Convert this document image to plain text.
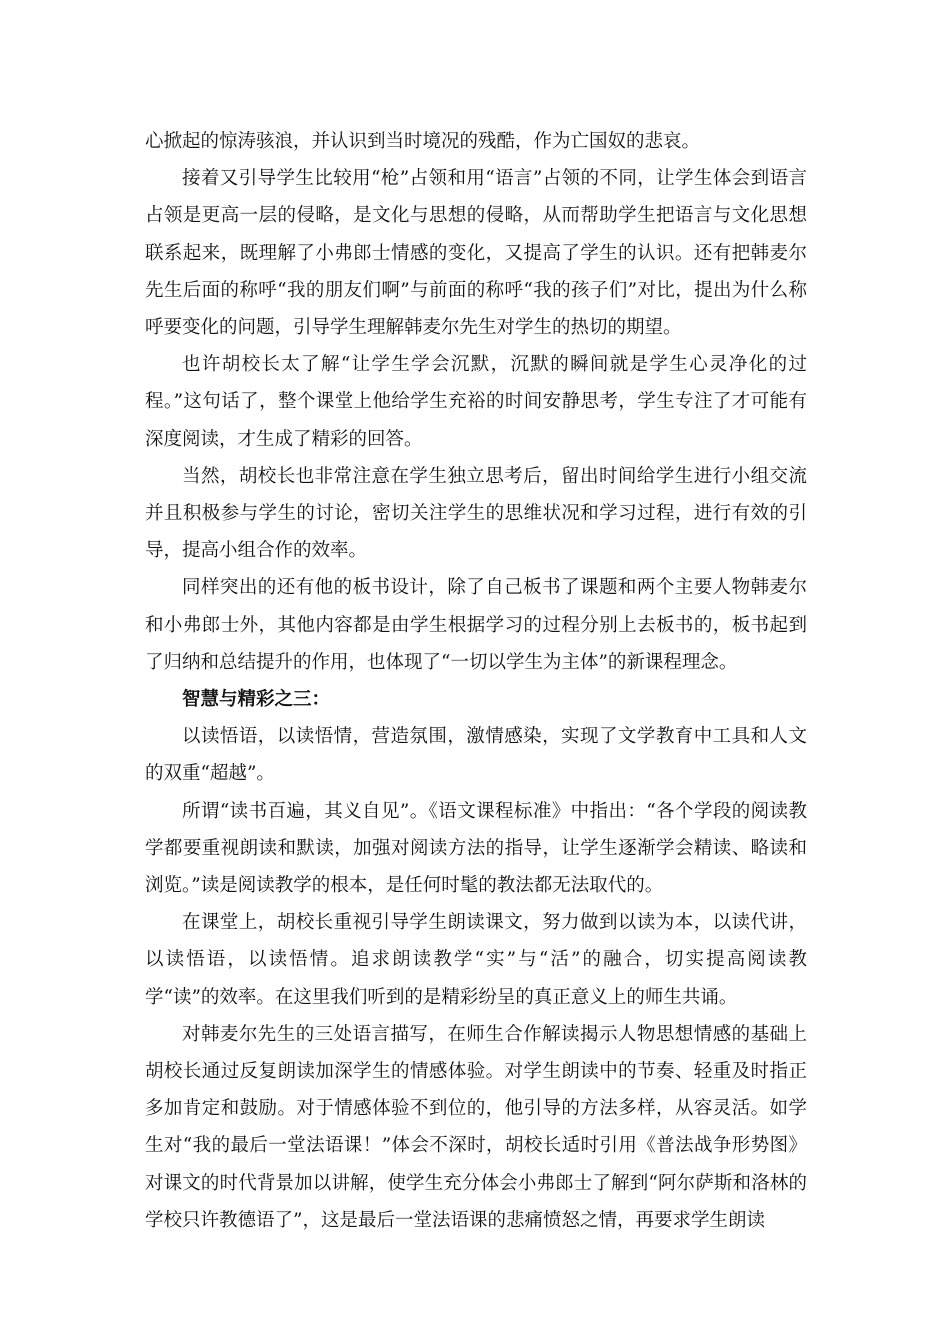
心掀起的惊涛骇浪，并认识到当时境况的残酷，作为亡国奴的悲哀。

接着又引导学生比较用“枪”占领和用“语言”占领的不同，让学生体会到语言占领是更高一层的侵略，是文化与思想的侵略，从而帮助学生把语言与文化思想联系起来，既理解了小弗郎士情感的变化，又提高了学生的认识。还有把韩麦尔先生后面的称呼“我的朋友们啊”与前面的称呼“我的孩子们”对比，提出为什么称呼要变化的问题，引导学生理解韩麦尔先生对学生的热切的期望。

也许胡校长太了解“让学生学会沉默，沉默的瞬间就是学生心灵净化的过程。”这句话了，整个课堂上他给学生充裕的时间安静思考，学生专注了才可能有深度阅读，才生成了精彩的回答。

当然，胡校长也非常注意在学生独立思考后，留出时间给学生进行小组交流并且积极参与学生的讨论，密切关注学生的思维状况和学习过程，进行有效的引导，提高小组合作的效率。

同样突出的还有他的板书设计，除了自己板书了课题和两个主要人物韩麦尔和小弗郎士外，其他内容都是由学生根据学习的过程分别上去板书的，板书起到了归纳和总结提升的作用，也体现了“一切以学生为主体”的新课程理念。

智慧与精彩之三：

以读悟语，以读悟情，营造氛围，激情感染，实现了文学教育中工具和人文的双重“超越”。

所谓“读书百遍，其义自见”。《语文课程标准》中指出：“各个学段的阅读教学都要重视朗读和默读，加强对阅读方法的指导，让学生逐渐学会精读、略读和浏览。”读是阅读教学的根本，是任何时髦的教法都无法取代的。

在课堂上，胡校长重视引导学生朗读课文，努力做到以读为本，以读代讲，以读悟语，以读悟情。追求朗读教学“实”与“活”的融合，切实提高阅读教学“读”的效率。在这里我们听到的是精彩纷呈的真正意义上的师生共诵。

对韩麦尔先生的三处语言描写，在师生合作解读揭示人物思想情感的基础上胡校长通过反复朗读加深学生的情感体验。对学生朗读中的节奏、轻重及时指正多加肯定和鼓励。对于情感体验不到位的，他引导的方法多样，从容灵活。如学生对“我的最后一堂法语课！”体会不深时，胡校长适时引用《普法战争形势图》对课文的时代背景加以讲解，使学生充分体会小弗郎士了解到“阿尔萨斯和洛林的学校只许教德语了”，这是最后一堂法语课的悲痛愤怒之情，再要求学生朗读
